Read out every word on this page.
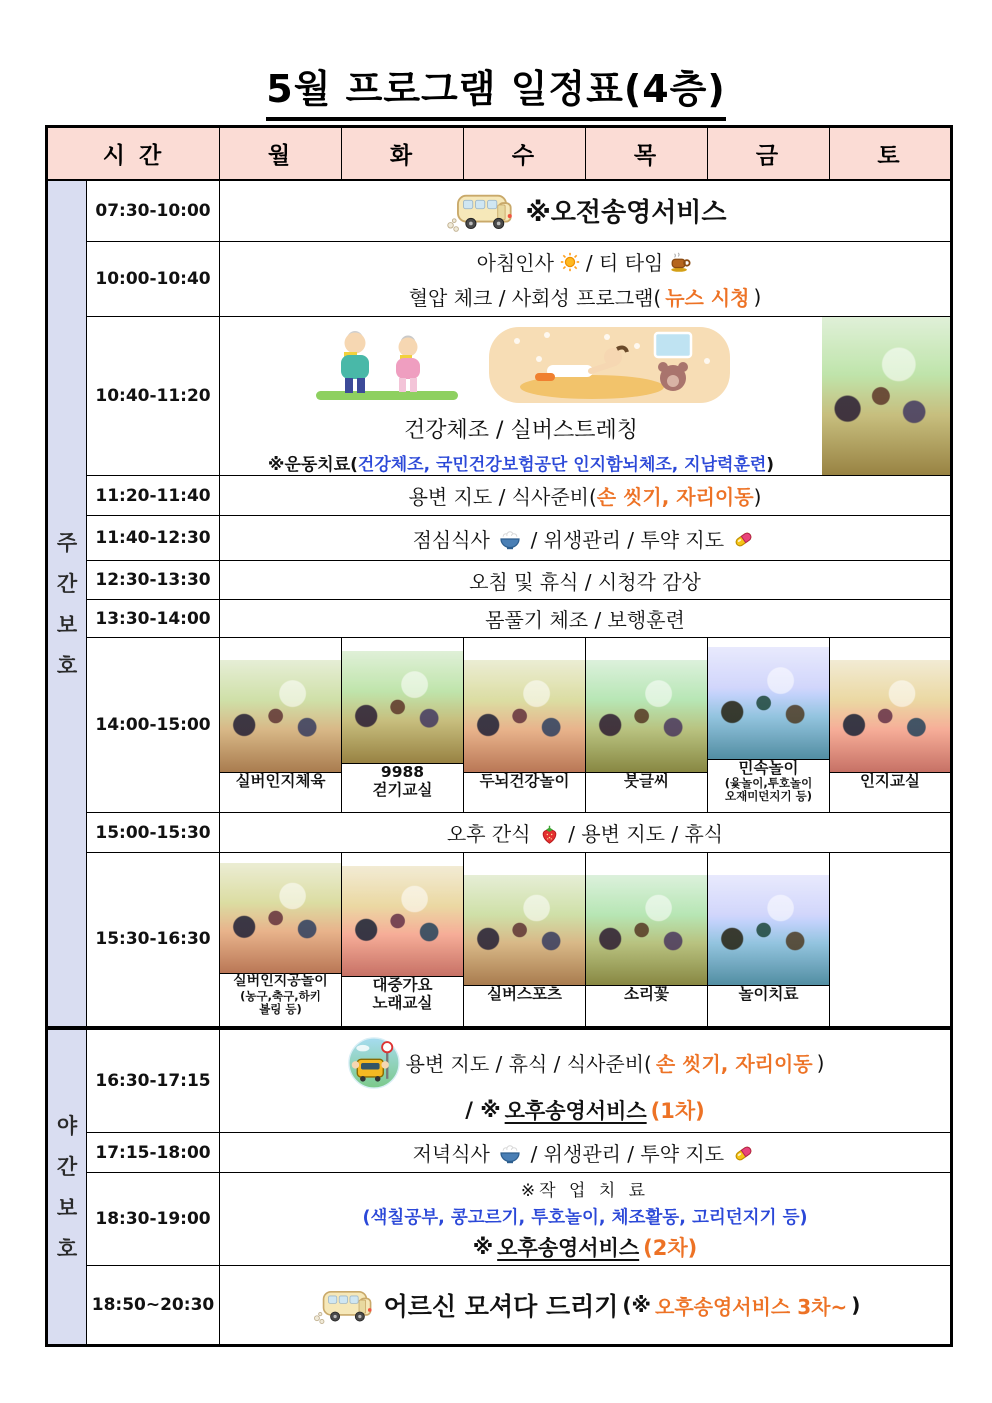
5월 프로그램 일정표(4층)
시 간		월	화	수	목	금	토

주
간
보
호	07:30-10:00	※오전송영서비스					

	10:00-10:40	아침인사 / 티 타임
혈압 체크 / 사회성 프로그램( 뉴스 시청 )					

	10:40-11:20	건강체조 / 실버스트레칭
※운동치료(건강체조, 국민건강보험공단 인지함뇌체조, 지남력훈련)					

	11:20-11:40	용변 지도 / 식사준비(손 씻기, 자리이동)					
	11:40-12:30	점심식사  / 위생관리 / 투약 지도					
	12:30-13:30	오침 및 휴식 / 시청각 감상					
	13:30-14:00	몸풀기 체조 / 보행훈련					
	14:00-15:00	실버인지체육	9988
걷기교실	두뇌건강놀이	붓글씨	민속놀이
(윷놀이,투호놀이
오재미던지기 등)	인지교실

	15:00-15:30	오후 간식  / 용변 지도 / 휴식					
	15:30-16:30	실버인지공놀이
(농구,축구,하키
볼링 등)	대중가요
노래교실	실버스포츠	소리꽃	놀이치료	

야
간
보
호
	16:30-17:15	
용변 지도 / 휴식 / 식사준비( 손 씻기, 자리이동 )
/ ※ 오후송영서비스 (1차)

	17:15-18:00	저녁식사  / 위생관리 / 투약 지도					
	18:30-19:00	※작 업 치 료
(색칠공부, 콩고르기, 투호놀이, 체조활동, 고리던지기 등)
※ 오후송영서비스 (2차)					

	18:50~20:30	어르신 모셔다 드리기 (※ 오후송영서비스 3차~ )					
